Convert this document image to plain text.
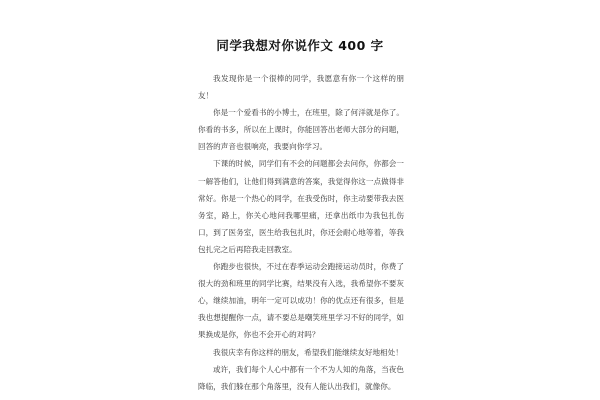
同学我想对你说作文 400 字

我发现你是一个很棒的同学，我愿意有你一个这样的朋友！

你是一个爱看书的小博士，在班里，除了何洋就是你了。你看的书多，所以在上课时，你能回答出老师大部分的问题，回答的声音也很响亮，我要向你学习。

下课的时候，同学们有不会的问题都会去问你，你都会一一解答他们，让他们得到满意的答案，我觉得你这一点做得非常好。你是一个热心的同学，在我受伤时，你主动要带我去医务室，路上，你关心地问我哪里痛，还拿出纸巾为我包扎伤口，到了医务室，医生给我包扎时，你还会耐心地等着，等我包扎完之后再陪我走回教室。

你跑步也很快，不过在春季运动会跑接运动员时，你费了很大的劲和班里的同学比赛，结果没有入选，我希望你不要灰心，继续加油，明年一定可以成功！你的优点还有很多，但是我也想提醒你一点，请不要总是嘲笑班里学习不好的同学，如果换成是你，你也不会开心的对吗？

我很庆幸有你这样的朋友，希望我们能继续友好地相处！

或许，我们每个人心中都有一个不为人知的角落，当夜色降临，我们躲在那个角落里，没有人能认出我们，就像你。
